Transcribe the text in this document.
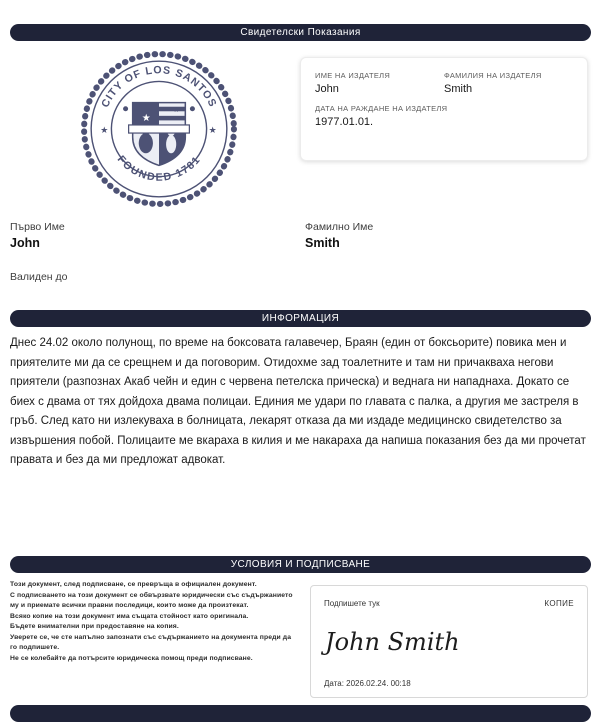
Свидетелски Показания
CITY OF LOS SANTOS
FOUNDED 1781
★	★
★
★
ИМЕ НА ИЗДАТЕЛЯ	ФАМИЛИЯ НА ИЗДАТЕЛЯ
John	Smith
ДАТА НА РАЖДАНЕ НА ИЗДАТЕЛЯ
1977.01.01.
Първо Име
John
Фамилно Име
Smith
Валиден до
ИНФОРМАЦИЯ
Днес 24.02 около полунощ, по време на боксовата галавечер, Браян (един от боксьорите) повика мен и приятелите ми да се срещнем и да поговорим. Отидохме зад тоалетните и там ни причакваха негови приятели (разпознах Акаб чейн и един с червена петелска прическа) и веднага ни нападнаха. Докато се биех с двама от тях дойдоха двама полицаи. Единия ме удари по главата с палка, а другия ме застреля в гръб. След като ни излекуваха в болницата, лекарят отказа да ми издаде медицинско свидетелство за извършения побой. Полицаите ме вкараха в килия и ме накараха да напиша показания без да ми прочетат правата и без да ми предложат адвокат.
УСЛОВИЯ И ПОДПИСВАНЕ
Този документ, след подписване, се превръща в официален документ.
С подписването на този документ се обвързвате юридически със съдържанието му и приемате всички правни последици, които може да произтекат.
Всяко копие на този документ има същата стойност като оригинала.
Бъдете внимателни при предоставяне на копия.
Уверете се, че сте напълно запознати със съдържанието на документа преди да го подпишете.
Не се колебайте да потърсите юридическа помощ преди подписване.
Подпишете тук	КОПИЕ
John Smith
Дата: 2026.02.24. 00:18
